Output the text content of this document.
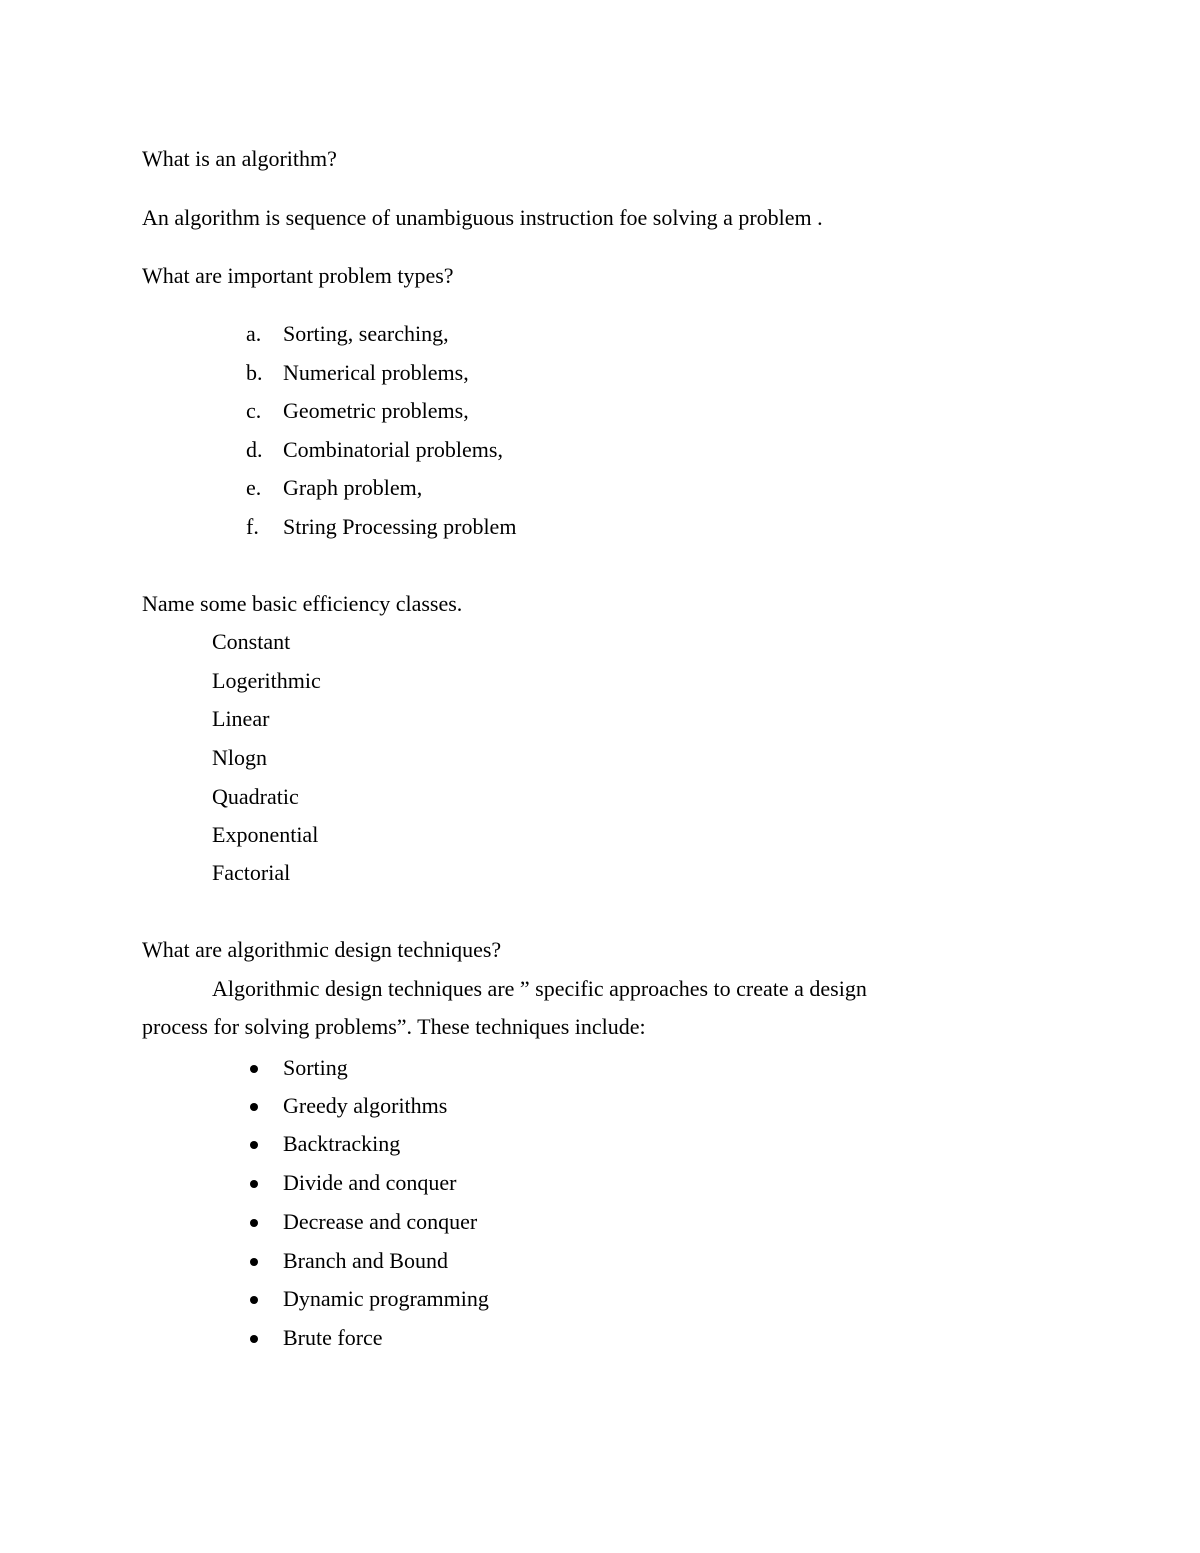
What is an algorithm?
An algorithm is sequence of unambiguous instruction foe solving a problem .
What are important problem types?
a. Sorting, searching,
b. Numerical problems,
c. Geometric problems,
d. Combinatorial problems,
e. Graph problem,
f. String Processing problem
Name some basic efficiency classes.
Constant
Logerithmic
Linear
Nlogn
Quadratic
Exponential
Factorial
What are algorithmic design techniques?
Algorithmic design techniques are ” specific approaches to create a design
process for solving problems”. These techniques include:
Sorting
Greedy algorithms
Backtracking
Divide and conquer
Decrease and conquer
Branch and Bound
Dynamic programming
Brute force
